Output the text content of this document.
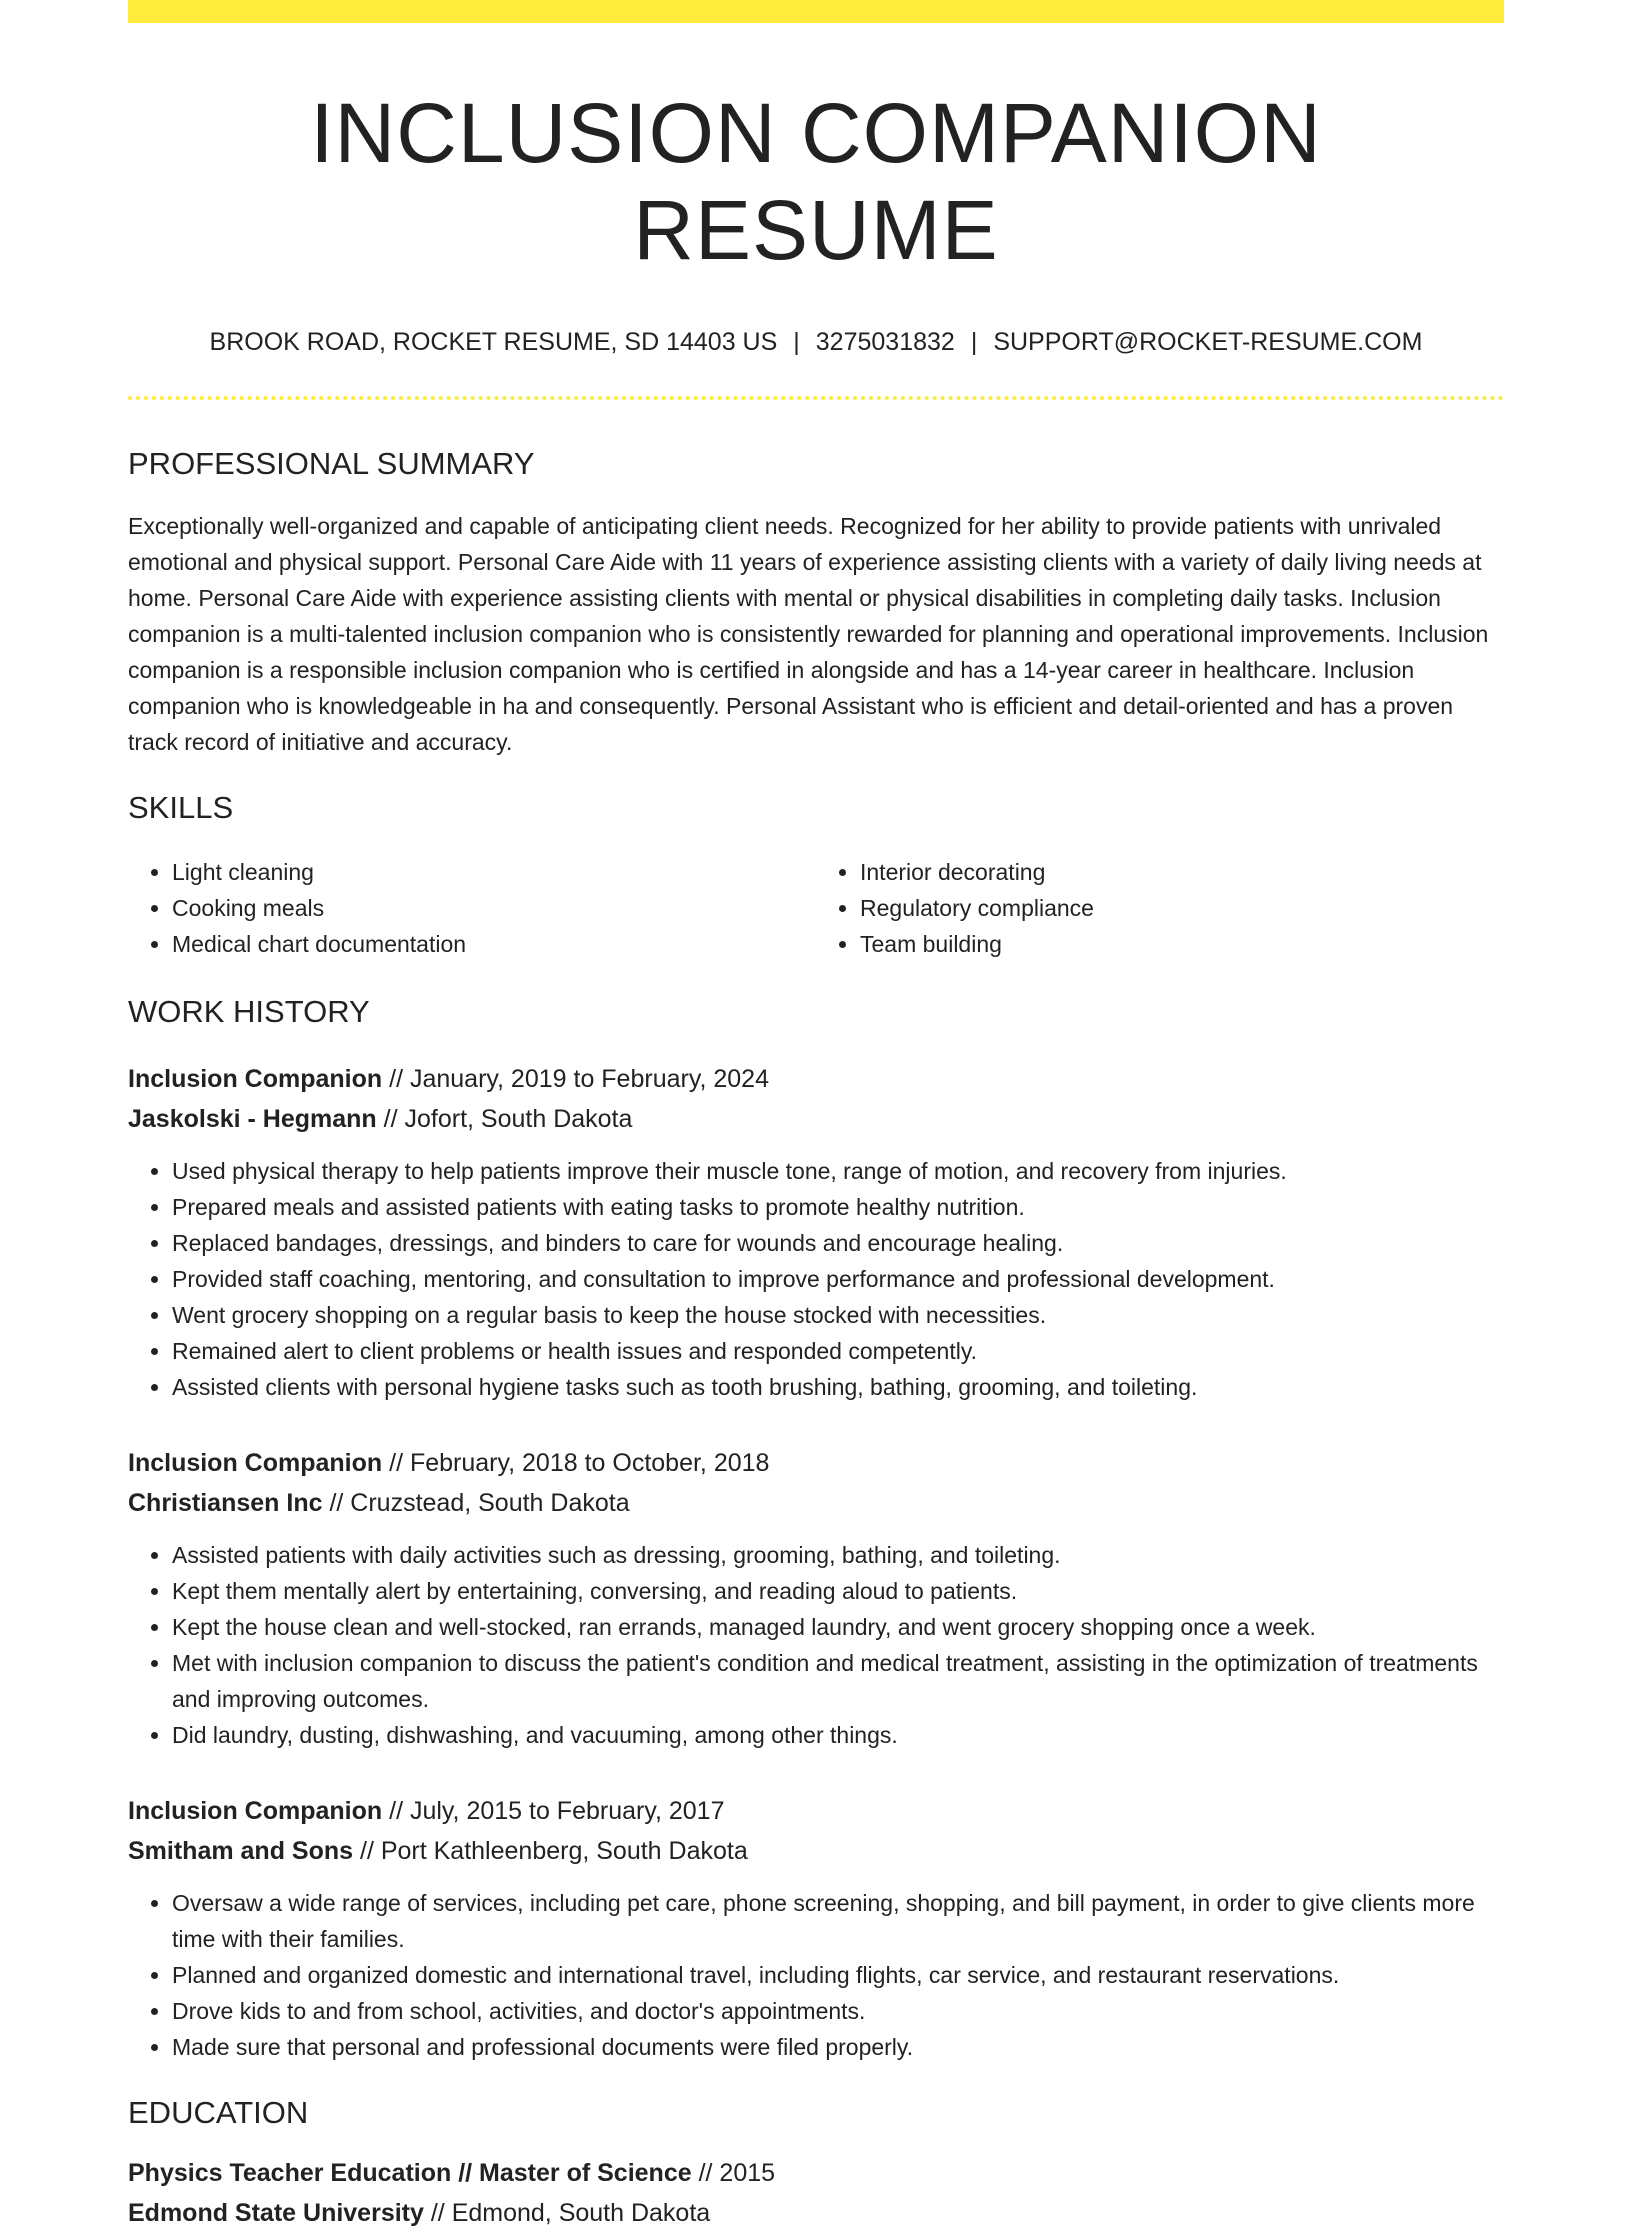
INCLUSION COMPANION RESUME
BROOK ROAD, ROCKET RESUME, SD 14403 US | 3275031832 | SUPPORT@ROCKET-RESUME.COM
PROFESSIONAL SUMMARY
Exceptionally well-organized and capable of anticipating client needs. Recognized for her ability to provide patients with unrivaled emotional and physical support. Personal Care Aide with 11 years of experience assisting clients with a variety of daily living needs at home. Personal Care Aide with experience assisting clients with mental or physical disabilities in completing daily tasks. Inclusion companion is a multi-talented inclusion companion who is consistently rewarded for planning and operational improvements. Inclusion companion is a responsible inclusion companion who is certified in alongside and has a 14-year career in healthcare. Inclusion companion who is knowledgeable in ha and consequently. Personal Assistant who is efficient and detail-oriented and has a proven track record of initiative and accuracy.
SKILLS
• Light cleaning
• Cooking meals
• Medical chart documentation
• Interior decorating
• Regulatory compliance
• Team building
WORK HISTORY
Inclusion Companion // January, 2019 to February, 2024
Jaskolski - Hegmann // Jofort, South Dakota
• Used physical therapy to help patients improve their muscle tone, range of motion, and recovery from injuries.
• Prepared meals and assisted patients with eating tasks to promote healthy nutrition.
• Replaced bandages, dressings, and binders to care for wounds and encourage healing.
• Provided staff coaching, mentoring, and consultation to improve performance and professional development.
• Went grocery shopping on a regular basis to keep the house stocked with necessities.
• Remained alert to client problems or health issues and responded competently.
• Assisted clients with personal hygiene tasks such as tooth brushing, bathing, grooming, and toileting.
Inclusion Companion // February, 2018 to October, 2018
Christiansen Inc // Cruzstead, South Dakota
• Assisted patients with daily activities such as dressing, grooming, bathing, and toileting.
• Kept them mentally alert by entertaining, conversing, and reading aloud to patients.
• Kept the house clean and well-stocked, ran errands, managed laundry, and went grocery shopping once a week.
• Met with inclusion companion to discuss the patient's condition and medical treatment, assisting in the optimization of treatments and improving outcomes.
• Did laundry, dusting, dishwashing, and vacuuming, among other things.
Inclusion Companion // July, 2015 to February, 2017
Smitham and Sons // Port Kathleenberg, South Dakota
• Oversaw a wide range of services, including pet care, phone screening, shopping, and bill payment, in order to give clients more time with their families.
• Planned and organized domestic and international travel, including flights, car service, and restaurant reservations.
• Drove kids to and from school, activities, and doctor's appointments.
• Made sure that personal and professional documents were filed properly.
EDUCATION
Physics Teacher Education // Master of Science // 2015
Edmond State University // Edmond, South Dakota
